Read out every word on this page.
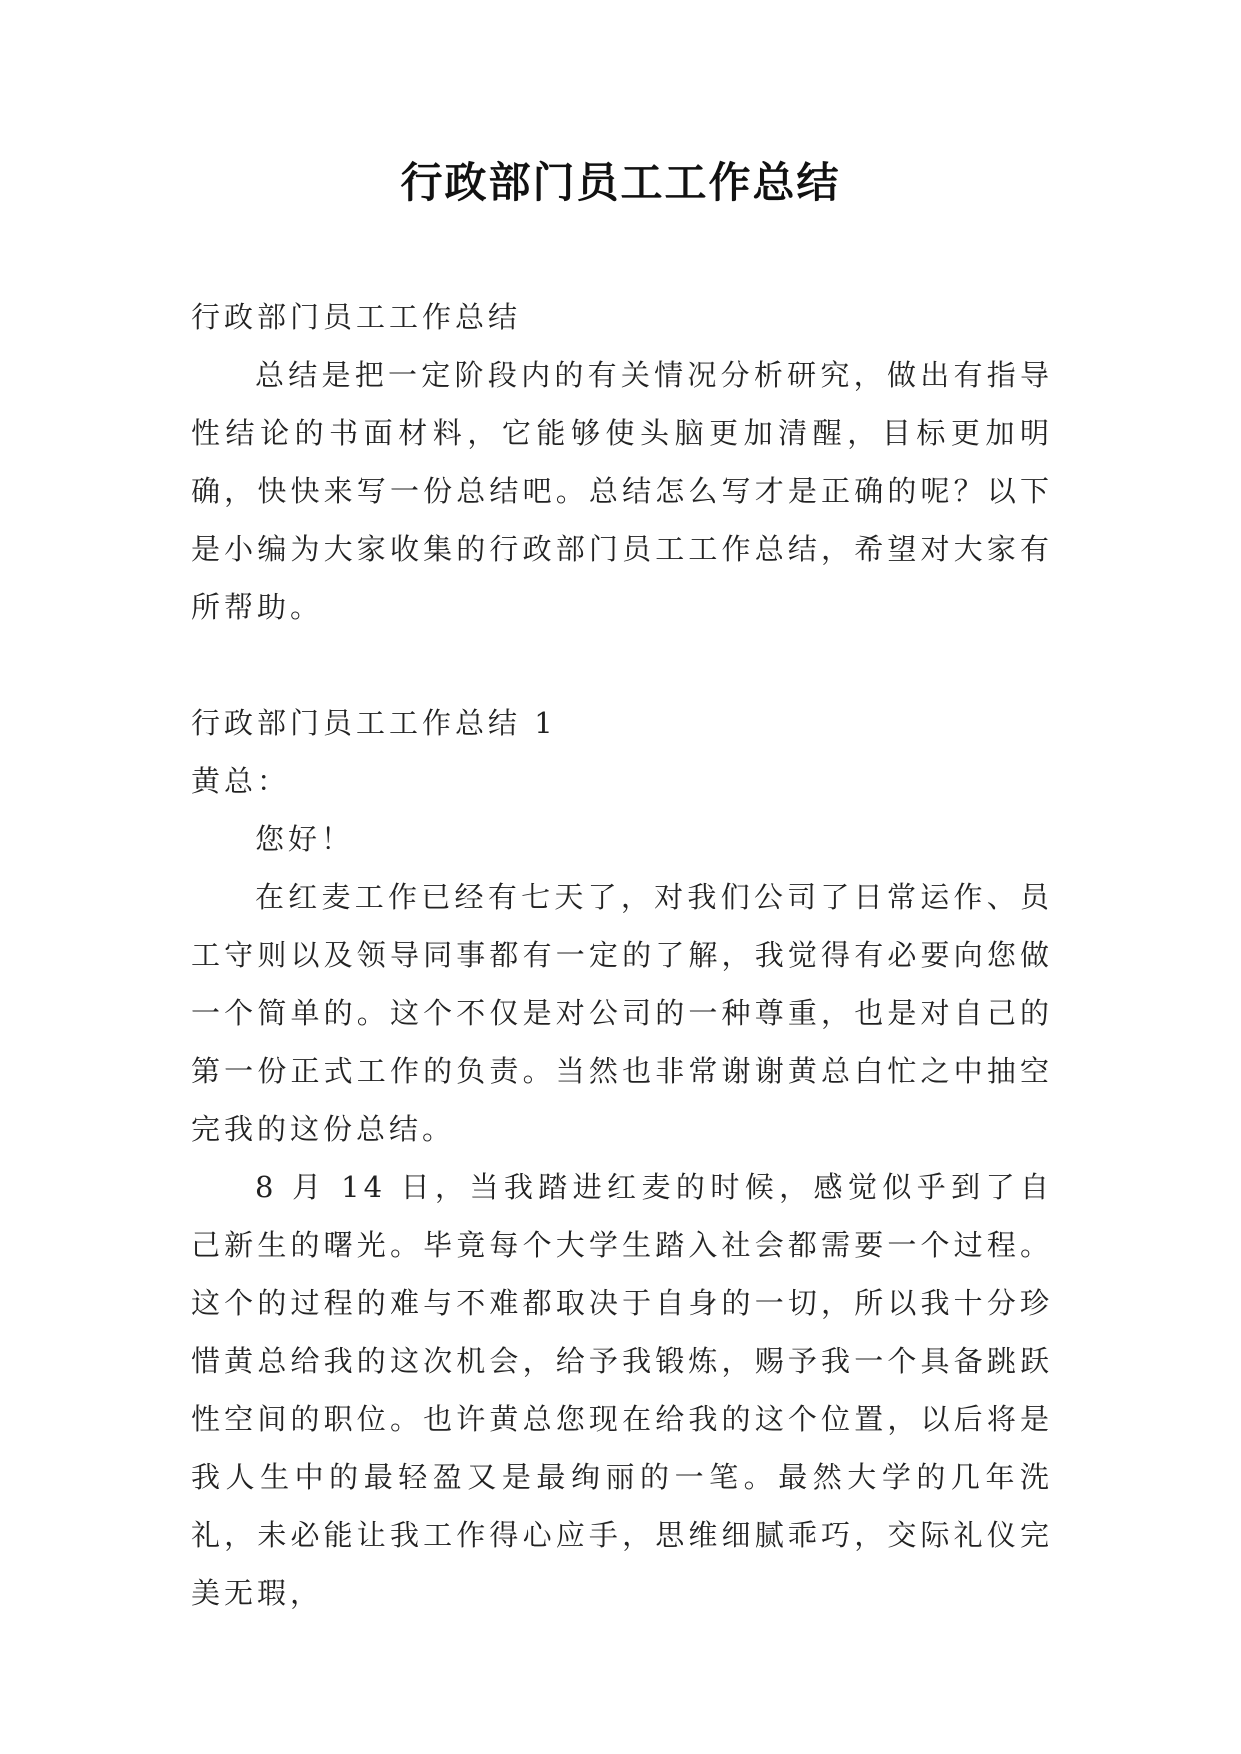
行政部门员工工作总结

行政部门员工工作总结

总结是把一定阶段内的有关情况分析研究，做出有指导性结论的书面材料，它能够使头脑更加清醒，目标更加明确，快快来写一份总结吧。总结怎么写才是正确的呢？以下是小编为大家收集的行政部门员工工作总结，希望对大家有所帮助。

行政部门员工工作总结 1

黄总：

您好！

在红麦工作已经有七天了，对我们公司了日常运作、员工守则以及领导同事都有一定的了解，我觉得有必要向您做一个简单的。这个不仅是对公司的一种尊重，也是对自己的第一份正式工作的负责。当然也非常谢谢黄总白忙之中抽空完我的这份总结。

8 月 14 日，当我踏进红麦的时候，感觉似乎到了自己新生的曙光。毕竟每个大学生踏入社会都需要一个过程。这个的过程的难与不难都取决于自身的一切，所以我十分珍惜黄总给我的这次机会，给予我锻炼，赐予我一个具备跳跃性空间的职位。也许黄总您现在给我的这个位置，以后将是我人生中的最轻盈又是最绚丽的一笔。最然大学的几年洗礼，未必能让我工作得心应手，思维细腻乖巧，交际礼仪完美无瑕，
